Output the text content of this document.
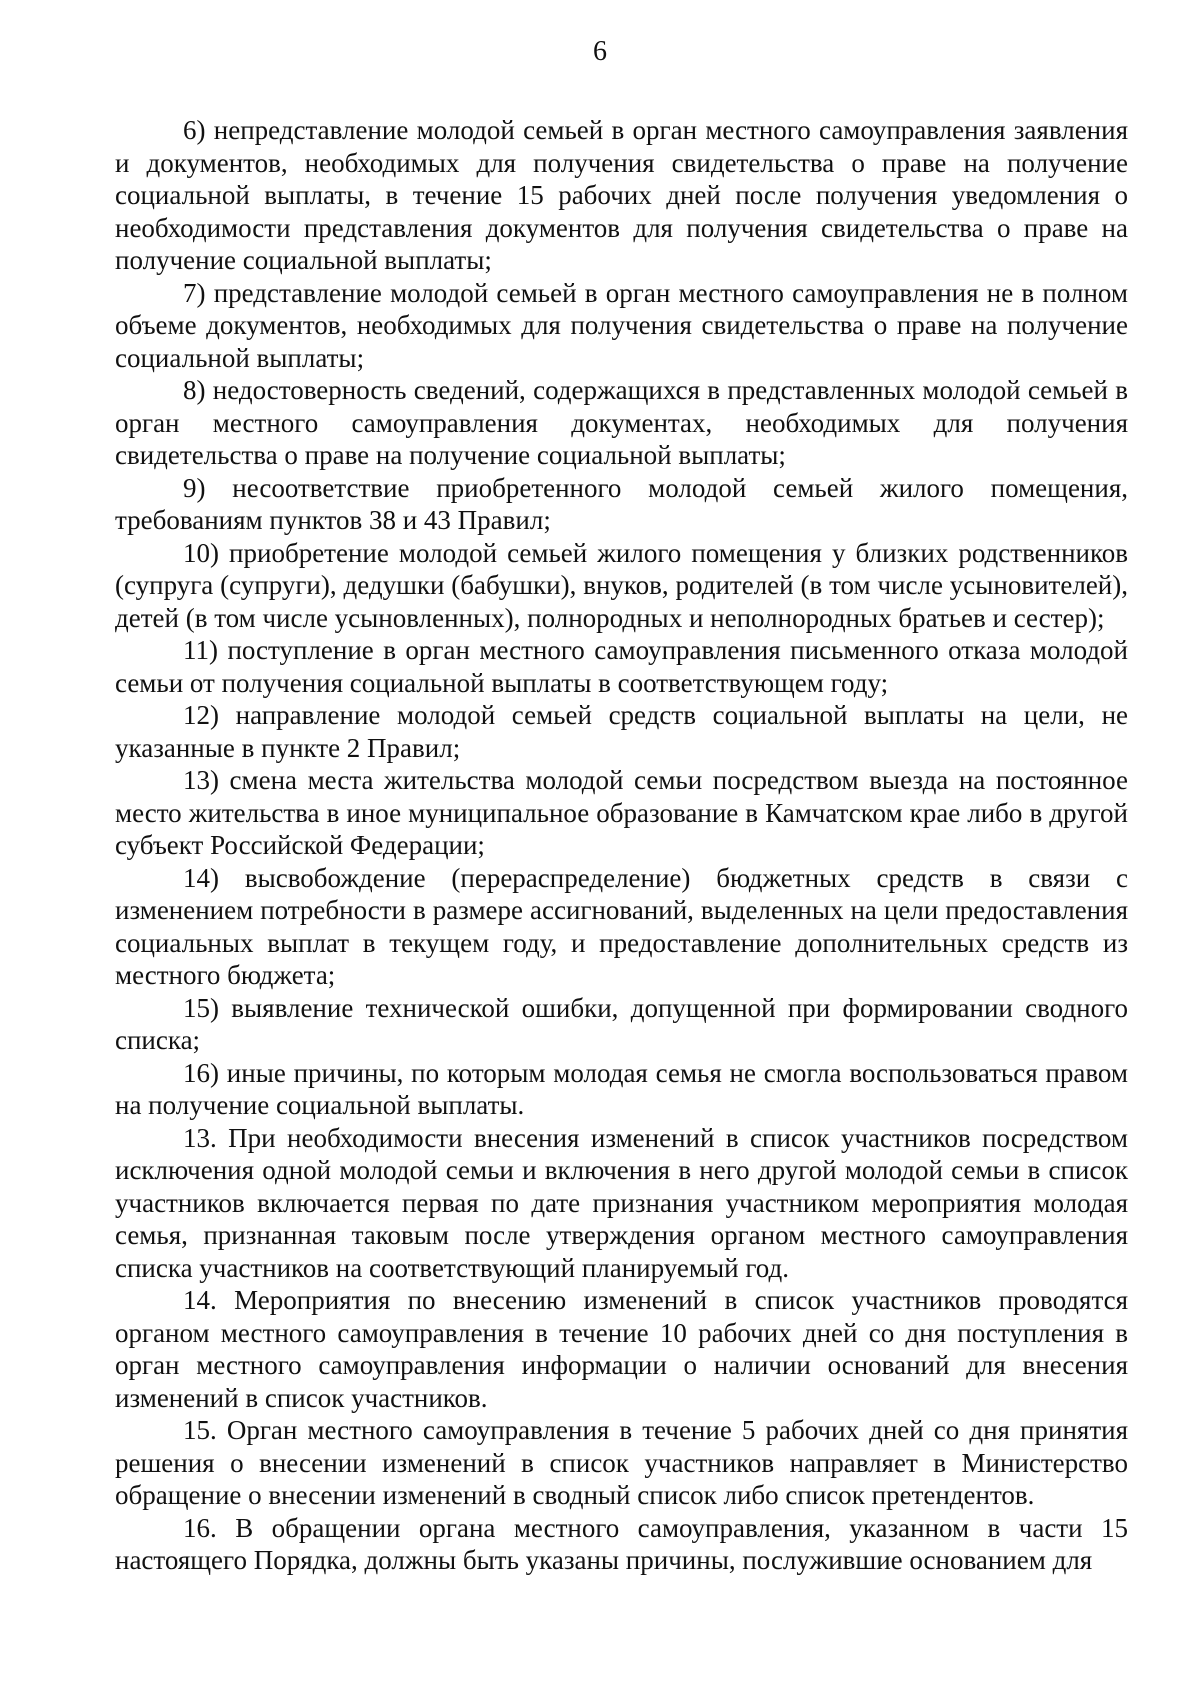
6

6) непредставление молодой семьей в орган местного самоуправления заявления и документов, необходимых для получения свидетельства о праве на получение социальной выплаты, в течение 15 рабочих дней после получения уведомления о необходимости представления документов для получения свидетельства о праве на получение социальной выплаты;

7) представление молодой семьей в орган местного самоуправления не в полном объеме документов, необходимых для получения свидетельства о праве на получение социальной выплаты;

8) недостоверность сведений, содержащихся в представленных молодой семьей в орган местного самоуправления документах, необходимых для получения свидетельства о праве на получение социальной выплаты;

9) несоответствие приобретенного молодой семьей жилого помещения, требованиям пунктов 38 и 43 Правил;

10) приобретение молодой семьей жилого помещения у близких родственников (супруга (супруги), дедушки (бабушки), внуков, родителей (в том числе усыновителей), детей (в том числе усыновленных), полнородных и неполнородных братьев и сестер);

11) поступление в орган местного самоуправления письменного отказа молодой семьи от получения социальной выплаты в соответствующем году;

12) направление молодой семьей средств социальной выплаты на цели, не указанные в пункте 2 Правил;

13) смена места жительства молодой семьи посредством выезда на постоянное место жительства в иное муниципальное образование в Камчатском крае либо в другой субъект Российской Федерации;

14) высвобождение (перераспределение) бюджетных средств в связи с изменением потребности в размере ассигнований, выделенных на цели предоставления социальных выплат в текущем году, и предоставление дополнительных средств из местного бюджета;

15) выявление технической ошибки, допущенной при формировании сводного списка;

16) иные причины, по которым молодая семья не смогла воспользоваться правом на получение социальной выплаты.

13. При необходимости внесения изменений в список участников посредством исключения одной молодой семьи и включения в него другой молодой семьи в список участников включается первая по дате признания участником мероприятия молодая семья, признанная таковым после утверждения органом местного самоуправления списка участников на соответствующий планируемый год.

14. Мероприятия по внесению изменений в список участников проводятся органом местного самоуправления в течение 10 рабочих дней со дня поступления в орган местного самоуправления информации о наличии оснований для внесения изменений в список участников.

15. Орган местного самоуправления в течение 5 рабочих дней со дня принятия решения о внесении изменений в список участников направляет в Министерство обращение о внесении изменений в сводный список либо список претендентов.

16. В обращении органа местного самоуправления, указанном в части 15 настоящего Порядка, должны быть указаны причины, послужившие основанием для
